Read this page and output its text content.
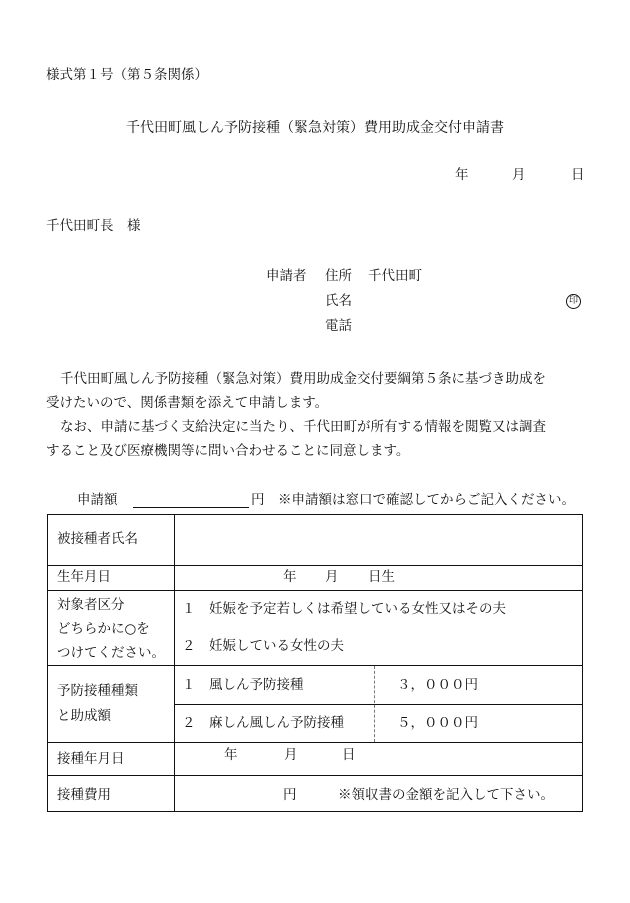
様式第１号（第５条関係）
千代田町風しん予防接種（緊急対策）費用助成金交付申請書
年	月	日
千代田町長　様
申請者 住所 千代田町
氏名	印
電話
千代田町風しん予防接種（緊急対策）費用助成金交付要綱第５条に基づき助成を
受けたいので、関係書類を添えて申請します。
なお、申請に基づく支給決定に当たり、千代田町が所有する情報を閲覧又は調査
すること及び医療機関等に問い合わせることに同意します。
申請額	円 ※申請額は窓口で確認してからご記入ください。
被接種者氏名
生年月日	年 月 日生
対象者区分
どちらかに○を
つけてください。
１　妊娠を予定若しくは希望している女性又はその夫
２　妊娠している女性の夫
予防接種種類
と助成額
１　風しん予防接種	３，０００円
２　麻しん風しん予防接種	５，０００円
接種年月日	年	月	日
接種費用	円	※領収書の金額を記入して下さい。
